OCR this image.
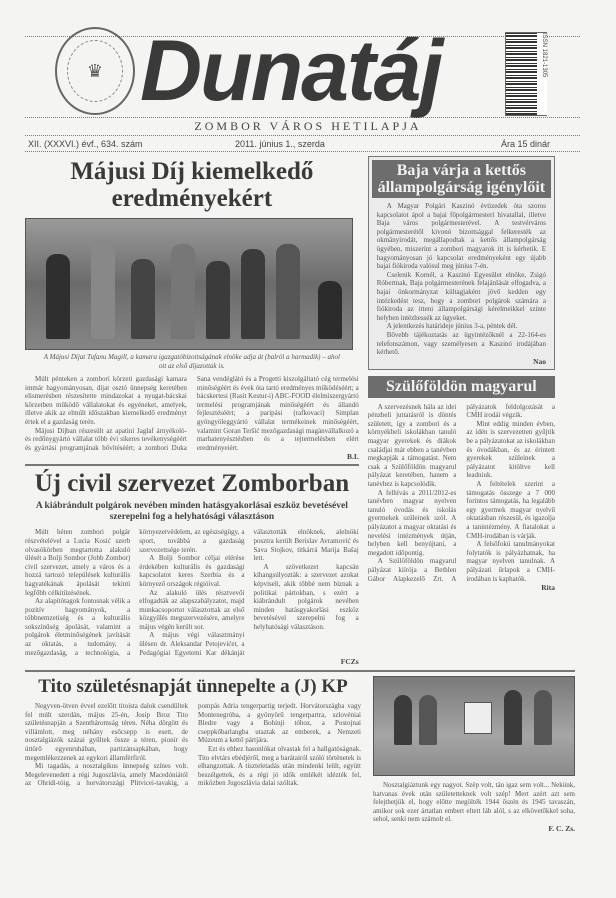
♛ Dunatáj	ISSN 1821-1305
ZOMBOR VÁROS HETILAPJA
XII. (XXXVI.) évf., 634. szám	2011. június 1., szerda	Ára 15 dinár
Májusi Díj kiemelkedő eredményekért
A Májusi Díjat Tufanu Magill, a kamara igazgatóbizottságának elnöke adja át (balról a harmadik) – ahol ott az első díjazottak is.

Múlt pénteken a zombori körzeti gazdasági kamara immár hagyományosan, díjat osztó ünnepség keretében elismerésben részesítette mindazokat a nyugat-bácskai körzetben működő vállalatokat és egyéneket, amelyek, illetve akik az elmúlt időszakban kiemelkedő eredményt értek el a gazdaság terén.

Májusi Díjban részesült az apatini Jaglaf árnyékoló- és redőnygyártó vállalat több évi sikeres tevékenységéért és gyártási programjának bővítéséért; a zombori Duka Sana vendéglátó és a Progetti kiszolgáltató cég termelési minőségéért és évek óta tartó eredményes működéséért; a bácskertesi (Rasit Kestur-i) ABC-FOOD élelmiszergyártó termelési programjának minőségéért és állandó fejlesztéséért; a paripási (rafkovaci) Simplan gyöngyöleggyártó vállalat termékeinek minőségéért, valamint Goran Teršić mezőgazdasági magánvállalkozó a marhatenyésztésben és a tejtermelésben elért eredményeiért.

B.I.
Új civil szervezet Zomborban
A kiábrándult polgárok nevében minden hatásgyakorlásai eszköz bevetésével szerepelni fog a helyhatósági választáson

Múlt héten zombori polgár részvételével a Lucia Kosić szerb olvasókörben megtartotta alakuló ülését a Bolji Sombor (Jobb Zombor) civil szervezet, amely a város és a hozzá tartozó települések kulturális hagyatékának ápolását tekinti legfőbb célkitűzésének.

Az alapítótagok fontosnak vélik a pozitív hagyományok, a többnemzetiség és a kulturális sokszínűség ápolását, valamint a polgárok életminőségének javítását az oktatás, a tudomány, a mezőgazdaság, a technológia, a környezetvédelem, az egészségügy, a sport, továbbá a gazdaság szervezettsége terén.

A Bolji Sombor céljai elérése érdekében kulturális és gazdasági kapcsolatot keres Szerbia és a környező országok régióival.

Az alakuló ülés résztvevői elfogadták az alapszabályzatot, majd munkacsoportot választottak az első közgyűlés megszervezésére, amelyre május végén került sor.

A május végi választmányi ülésen dr. Aleksandar Petojevićet, a Pedagógiai Egyetemi Kar dékánját választották elnöknek, alelnöki posztra került Berislav Avramović és Sava Stojkov, titkárrá Marija Bašaj lett.

A szövetkezet kapcsán kihangsúlyozták: a szervezet azokat képviseli, akik többé nem bíznak a politikai pártokban, s ezért a kiábrándult polgárok nevében minden hatásgyakorlási eszköz bevetésével szerepelni fog a helyhatósági választáson.

FCZs
Baja várja a kettős állampolgárság igénylőit

A Magyar Polgári Kaszinó évtizedek óta szoros kapcsolatot ápol a bajai főpolgármesteri hivatallal, illetve Baja város polgármesterével. A testvérváros polgármesterétől kivonó bizottsággal felkeresték az okmányirodát, megállapodtak a kettős állampolgárság ügyében, miszerint a zombori magyarok itt is kérhetik. E hagyományosan jó kapcsolat eredményeként egy újabb bajai fiókiroda valósul meg június 7-én.

Cselenik Kornél, a Kaszinó Egyesület elnöke, Zsigó Róbertnak, Baja polgármesterének felajánlását elfogadva, a bajai önkormányzat kültagjaként jövő kedden egy intézkedést tesz, hogy a zombori polgárok számára a fiókiroda az itteni állampolgársági kérelmeikkel szinte helyben intézhessék az ügyeket.

A jelentkezés határideje június 3-a, péntek dél.

Bővebb tájékoztatás az ügyintézőknél a 22-164-es telefonszámon, vagy személyesen a Kaszinó irodájában kérhető.

Nao
Szülőföldön magyarul

A szervezésnek hála az idei pénzbeli juttatásról is döntés született, így a zombori és a környékbeli iskolákban tanuló magyar gyerekek és diákok családjai már ebben a tanévben megkapják a támogatást. Nem csak a Szülőföldön magyarul pályázat keretében, hanem a tanévhez is kapcsolódik.

A felhívás a 2011/2012-es tanévben magyar nyelven tanuló óvodás és iskolás gyermekek szüleinek szól. A pályázatot a magyar oktatási és nevelési intézmények útján, helyben kell benyújtani, a megadott időpontig.

A Szülőföldön magyarul pályázat kiírója a Bethlen Gábor Alapkezelő Zrt. A pályázatok feldolgozását a CMH irodái végzik.

Mint eddig minden évben, az idén is szervezetten gyűjtik be a pályázatokat az iskolákban és óvodákban, és az érintett gyerekek szüleinek a pályázatot kitöltve kell leadniuk.

A feltételek szerint a támogatás összege a 7 000 forintos támogatás, ha legalább egy gyermek magyar nyelvű oktatásban részesül, és igazolja a tanintézmény. A fiatalokat a CMH-irodában is várják.

A felsőfokú tanulmányokat folytatók is pályázhatnak, ha magyar nyelven tanulnak. A pályázati űrlapok a CMH-irodában is kaphatók.

Rita
Tito születésnapját ünnepelte a (J) KP

Negyven-ötven évvel ezelőtt titoista dalok csendültek fel múlt szerdán, május 25-én, Josip Broz Tito születésnapján a Szentháromság téren. Néha dörgött és villámlott, meg néhány esőcsepp is esett, de nosztalgiázók százai gyűltek össze a téren, pionír és úttörő egyenruhában, partizánsapkában, hogy megemlékezzenek az egykori államférfiról.

Mi tagadás, a nosztalgikus ünnepség színes volt. Megelevenedett a régi Jugoszlávia, amely Macedóniától az Ohridi-tóig, a horvátországi Plitvicei-tavakig, a pompás Adria tengerpartig terjedt. Horvátországba vagy Montenegróba, a gyönyörű tengerpartra, szlovéniai Bledre vagy a Bohinji tóhoz, a Postojnai cseppkőbarlangba utaztak az emberek, a Nemzeti Múzeum a kettő pártjára.

Ezt és ehhez hasonlókat olvastak fel a hallgatóságnak. Tito elvtárs ebédjéről, meg a barátairól szóló történetek is elhangzottak. A tiszteletadás után mindenki leült, együtt beszélgettek, és a régi jó idők emlékét idézték fel, miközben Jugoszlávia dalai szóltak.	Nosztalgiáztunk egy nagyot. Szép volt, tán igaz sem volt... Nekünk, hatvanas évek után születetteknek volt szép! Mert azért azt sem felejthetjük el, hogy előtte megölték 1944 őszén és 1945 tavaszán, amikor sok ezer ártatlan embert eltett láb alól, s az elkövetőkkel soha, sehol, senki nem számolt el.

F. C. Zs.
